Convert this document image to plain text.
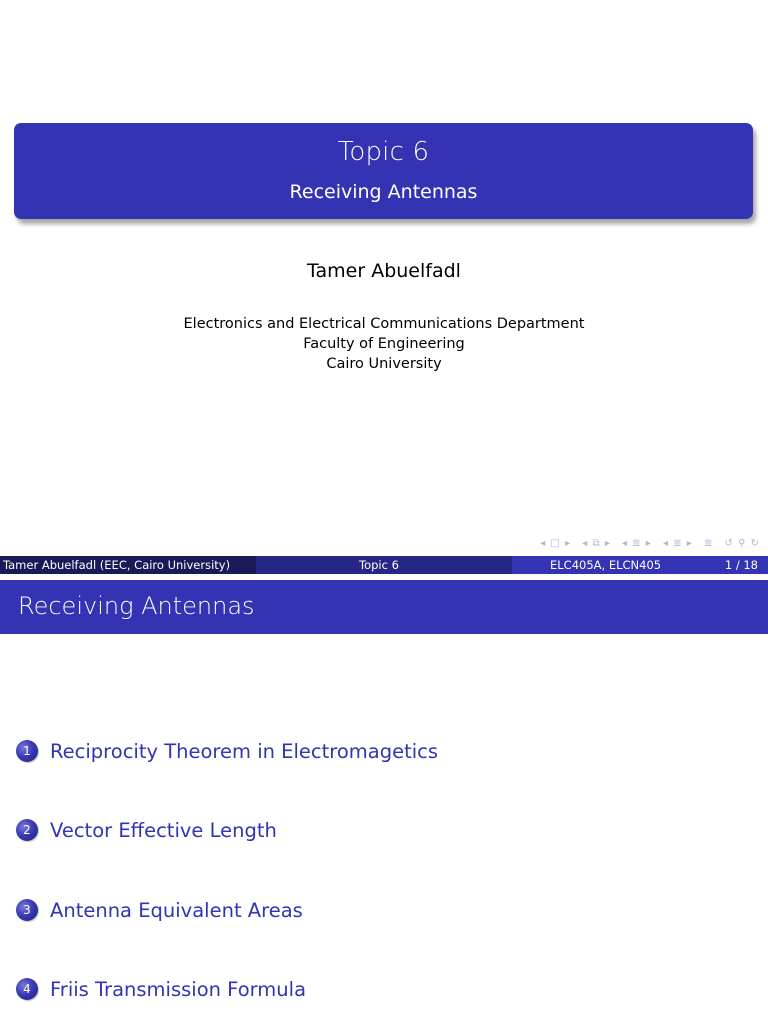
Topic 6
Receiving Antennas
Tamer Abuelfadl
Electronics and Electrical Communications Department
Faculty of Engineering
Cairo University
◂ □ ▸ ◂ ⧉ ▸ ◂ ≣ ▸ ◂ ≣ ▸ ≣ ↺ ⚲ ↻
Tamer Abuelfadl (EEC, Cairo University)	Topic 6	ELC405A, ELCN405	1 / 18
Receiving Antennas
1 Reciprocity Theorem in Electromagetics
2 Vector Effective Length
3 Antenna Equivalent Areas
4 Friis Transmission Formula
